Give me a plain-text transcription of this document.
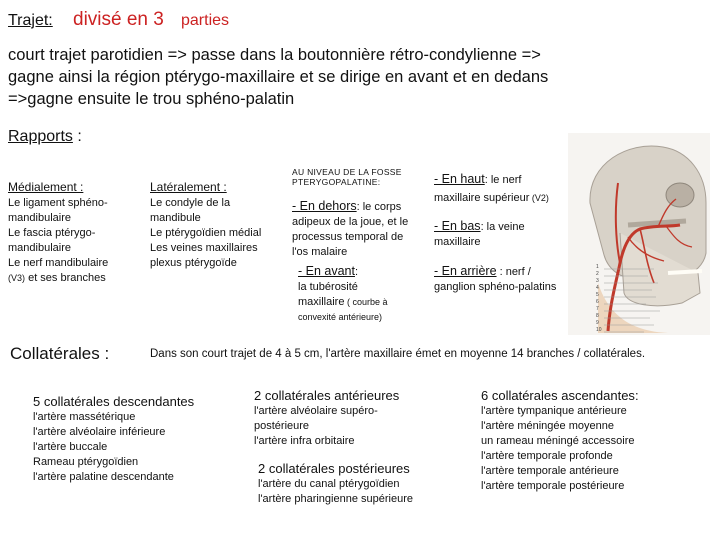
Trajet: divisé en 3 parties
court trajet parotidien => passe dans la boutonnière rétro-condylienne =>
gagne ainsi la région ptérygo-maxillaire et se dirige en avant et en dedans
=>gagne ensuite le trou sphéno-palatin
Rapports :
Médialement :
Le ligament sphéno-
mandibulaire
Le fascia ptérygo-
mandibulaire
Le nerf mandibulaire
(V3) et ses branches
Latéralement :
Le condyle de la
mandibule
Le ptérygoïdien médial
Les veines maxillaires
plexus ptérygoïde
AU NIVEAU DE LA FOSSE
PTERYGOPALATINE:
- En dehors: le corps
adipeux de la joue, et le
processus temporal de
l'os malaire
- En avant:
la tubérosité
maxillaire ( courbe à
convexité antérieure)
- En haut: le nerf
maxillaire supérieur (V2)
- En bas: la veine
maxillaire
- En arrière : nerf /
ganglion sphéno-palatins
1
2
3
4
5
6
7
8
9
10
Collatérales :	Dans son court trajet de 4 à 5 cm, l'artère maxillaire émet en moyenne 14 branches / collatérales.
5 collatérales descendantes
l'artère massétérique
l'artère alvéolaire inférieure
l'artère buccale
Rameau ptérygoïdien
l'artère palatine descendante
2 collatérales antérieures
l'artère alvéolaire supéro-
postérieure
l'artère infra orbitaire
2 collatérales postérieures
l'artère du canal ptérygoïdien
l'artère pharingienne supérieure
6 collatérales ascendantes:
l'artère tympanique antérieure
l'artère méningée moyenne
un rameau méningé accessoire
l'artère temporale profonde
l'artère temporale antérieure
l'artère temporale postérieure
